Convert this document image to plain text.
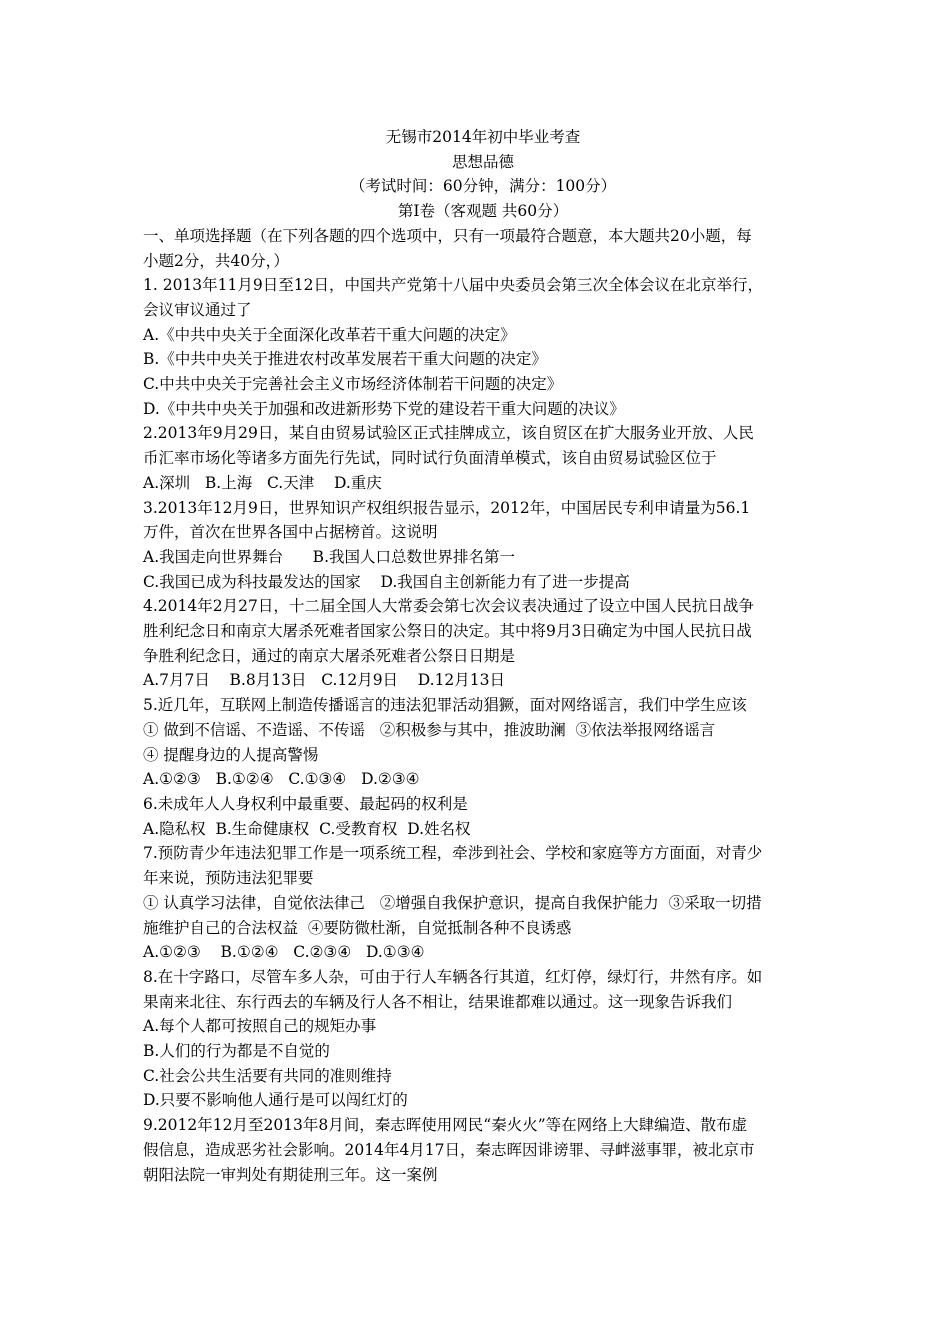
无锡市2014年初中毕业考查
思想品德
（考试时间：60分钟，满分：100分）
第Ⅰ卷（客观题 共60分）
一、单项选择题（在下列各题的四个选项中，只有一项最符合题意，本大题共20小题，每
小题2分，共40分，）
1. 2013年11月9日至12日，中国共产党第十八届中央委员会第三次全体会议在北京举行，
会议审议通过了
A.《中共中央关于全面深化改革若干重大问题的决定》
B.《中共中央关于推进农村改革发展若干重大问题的决定》
C.中共中央关于完善社会主义市场经济体制若干问题的决定》
D.《中共中央关于加强和改进新形势下党的建设若干重大问题的决议》
2.2013年9月29日，某自由贸易试验区正式挂牌成立，该自贸区在扩大服务业开放、人民
币汇率市场化等诸多方面先行先试，同时试行负面清单模式，该自由贸易试验区位于
A.深圳   B.上海   C.天津    D.重庆
3.2013年12月9日，世界知识产权组织报告显示，2012年，中国居民专利申请量为56.1
万件，首次在世界各国中占据榜首。这说明
A.我国走向世界舞台      B.我国人口总数世界排名第一
C.我国已成为科技最发达的国家    D.我国自主创新能力有了进一步提高
4.2014年2月27日，十二届全国人大常委会第七次会议表决通过了设立中国人民抗日战争
胜利纪念日和南京大屠杀死难者国家公祭日的决定。其中将9月3日确定为中国人民抗日战
争胜利纪念日，通过的南京大屠杀死难者公祭日日期是
A.7月7日    B.8月13日   C.12月9日    D.12月13日
5.近几年，互联网上制造传播谣言的违法犯罪活动猖獗，面对网络谣言，我们中学生应该
① 做到不信谣、不造谣、不传谣   ②积极参与其中，推波助澜  ③依法举报网络谣言
④ 提醒身边的人提高警惕
A.①②③   B.①②④   C.①③④   D.②③④
6.未成年人人身权利中最重要、最起码的权利是
A.隐私权  B.生命健康权  C.受教育权  D.姓名权
7.预防青少年违法犯罪工作是一项系统工程，牵涉到社会、学校和家庭等方方面面，对青少
年来说，预防违法犯罪要
① 认真学习法律，自觉依法律己   ②增强自我保护意识，提高自我保护能力  ③采取一切措
施维护自己的合法权益  ④要防微杜渐，自觉抵制各种不良诱惑
A.①②③    B.①②④   C.②③④   D.①③④
8.在十字路口，尽管车多人杂，可由于行人车辆各行其道，红灯停，绿灯行，井然有序。如
果南来北往、东行西去的车辆及行人各不相让，结果谁都难以通过。这一现象告诉我们
A.每个人都可按照自己的规矩办事
B.人们的行为都是不自觉的
C.社会公共生活要有共同的准则维持
D.只要不影响他人通行是可以闯红灯的
9.2012年12月至2013年8月间，秦志晖使用网民“秦火火”等在网络上大肆编造、散布虚
假信息，造成恶劣社会影响。2014年4月17日，秦志晖因诽谤罪、寻衅滋事罪，被北京市
朝阳法院一审判处有期徒刑三年。这一案例
